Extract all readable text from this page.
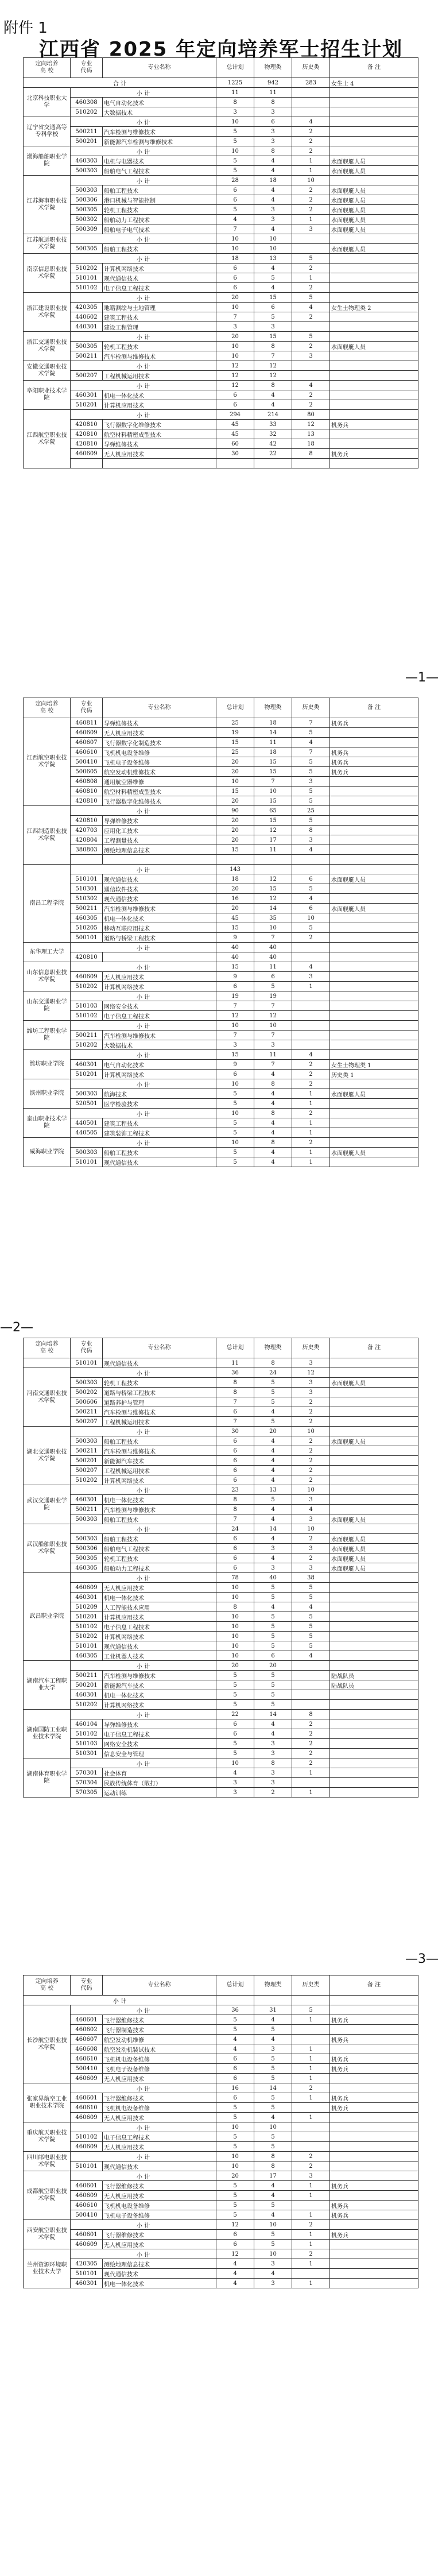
附件 1
江西省 2025 年定向培养军士招生计划
定向培养
高 校	专业
代码	专业名称	总计划	物理类	历史类	备 注
合 计			1225	942	283	女生士 4
北京科技职业大学	小 计		11	11		
	460308	电气自动化技术	8	8		
	510202	大数据技术	3	3		
辽宁省交通高等专科学校	小 计		10	6	4	
	500211	汽车检测与维修技术	5	3	2	
	500201	新能源汽车检测与维修技术	5	3	2	
渤海船舶职业学院	小 计		10	8	2	
	460303	电机与电器技术	5	4	1	水面舰艇人员
	500303	船舶电气工程技术	5	4	1	水面舰艇人员
江苏海事职业技术学院	小 计		28	18	10	
	500303	船舶工程技术	6	4	2	水面舰艇人员
	500306	港口机械与智能控制	6	4	2	水面舰艇人员
	500305	轮机工程技术	5	3	2	水面舰艇人员
	500302	船舶动力工程技术	4	3	1	水面舰艇人员
	500309	船舶电子电气技术	7	4	3	水面舰艇人员
江苏航运职业技术学院	小 计		10	10		
	500305	船舶工程技术	10	10		水面舰艇人员
南京信息职业技术学院	小 计		18	13	5	
	510202	计算机网络技术	6	4	2	
	510101	现代通信技术	6	5	1	
	510102	电子信息工程技术	6	4	2	
浙江建设职业技术学院	小 计		20	15	5	
	420305	地籍测绘与土地管理	10	6	4	女生士物理类 2
	440602	建筑工程技术	7	5	2	
	440301	建设工程管理	3	3		
浙江交通职业技术学院	小 计		20	15	5	
	500305	轮机工程技术	10	8	2	水面舰艇人员
	500211	汽车检测与维修技术	10	7	3	
安徽交通职业技术学院	小 计		12	12		
	500207	工程机械运用技术	12	12		
阜阳职业技术学院	小 计		12	8	4	
	460301	机电一体化技术	6	4	2	
	510201	计算机应用技术	6	4	2	
江西航空职业技术学院	小 计		294	214	80	
	420810	飞行器数字化维修技术	45	33	12	机务兵
	420810	航空材料精密成型技术	45	32	13	
	420810	导弹维修技术	60	42	18	
	460609	无人机应用技术	30	22	8	机务兵

—1—
定向培养
高 校	专业
代码	专业名称	总计划	物理类	历史类	备 注
江西航空职业技术学院	460811	导弹维修技术	25	18	7	机务兵
	460609	无人机应用技术	19	14	5	
	460607	飞行器数字化制造技术	15	11	4	
	460610	飞机机电设备维修	25	18	7	机务兵
	500410	飞机电子设备维修	20	15	5	机务兵
	500605	航空发动机维修技术	20	15	5	机务兵
	460808	通用航空器维修	10	7	3	
	460810	航空材料精密成型技术	15	10	5	
	420810	飞行器数字化维修技术	20	15	5	
江西制造职业技术学院	小 计		90	65	25	
	420810	导弹维修技术	20	15	5	
	420703	应用化工技术	20	12	8	
	420804	工程测量技术	20	17	3	
	380803	测绘地理信息技术	15	11	4	

南昌工程学院	小 计		143			
	510101	现代通信技术	18	12	6	水面舰艇人员
	510301	通信软件技术	20	15	5	
	510302	现代通信技术	16	12	4	
	500211	汽车检测与维修技术	20	14	6	水面舰艇人员
	460305	机电一体化技术	45	35	10	
	510205	移动互联应用技术	15	10	5	
	500101	道路与桥梁工程技术	9	7	2	
东华理工大学	小 计		40	40		
	420810		40	40		
山东信息职业技术学院	小 计		15	11	4	
	460609	无人机应用技术	9	6	3	
	510202	计算机网络技术	6	5	1	
山东交通职业学院	小 计		19	19		
	510103	网络安全技术	7	7		
	510102	电子信息工程技术	12	12		
潍坊工程职业学院	小 计		10	10		
	500211	汽车检测与维修技术	7	7		
	510202	大数据技术	3	3		
潍坊职业学院	小 计		15	11	4	
	460301	电气自动化技术	9	7	2	女生士物理类 1
	510201	计算机网络技术	6	4	2	历史类 1
滨州职业学院	小 计		10	8	2	
	500303	航海技术	5	4	1	水面舰艇人员
	520501	医学检验技术	5	4	1	
泰山职业技术学院	小 计		10	8	2	
	440501	建筑工程技术	5	4	1	
	440505	建筑装饰工程技术	5	4	1	
威海职业学院	小 计		10	8	2	
	500303	船舶工程技术	5	4	1	水面舰艇人员
	510101	现代通信技术	5	4	1	
—2—
定向培养
高 校	专业
代码	专业名称	总计划	物理类	历史类	备 注
	510101	现代通信技术	11	8	3	
河南交通职业技术学院	小 计		36	24	12	
	500303	轮机工程技术	8	5	3	水面舰艇人员
	500202	道路与桥梁工程技术	8	5	3	
	500606	道路养护与管理	7	5	2	
	500211	汽车检测与维修技术	6	4	2	
	500207	工程机械运用技术	7	5	2	
湖北交通职业技术学院	小 计		30	20	10	
	500303	船舶工程技术	6	4	2	水面舰艇人员
	500211	汽车检测与维修技术	6	4	2	
	500201	新能源汽车技术	6	4	2	
	500207	工程机械运用技术	6	4	2	
	510202	计算机网络技术	6	4	2	
武汉交通职业学院	小 计		23	13	10	
	460301	机电一体化技术	8	5	3	
	500211	汽车检测与维修技术	8	4	4	
	500303	船舶工程技术	7	4	3	水面舰艇人员
武汉船舶职业技术学院	小 计		24	14	10	
	500303	船舶工程技术	6	4	2	水面舰艇人员
	500306	船舶电气工程技术	6	3	3	水面舰艇人员
	500305	轮机工程技术	6	4	2	水面舰艇人员
	460305	船舶动力工程技术	6	3	3	水面舰艇人员
武昌职业学院	小 计		78	40	38	
	460609	无人机应用技术	10	5	5	
	460301	机电一体化技术	10	5	5	
	510209	人工智能技术应用	8	4	4	
	510201	计算机应用技术	10	5	5	
	510102	电子信息工程技术	10	5	5	
	510202	计算机网络技术	10	5	5	
	510101	现代通信技术	10	5	5	
	460305	工业机器人技术	10	6	4	
湖南汽车工程职业大学	小 计		20	20		
	500211	汽车检测与维修技术	5	5		陆战队员
	500201	新能源汽车技术	5	5		陆战队员
	460301	机电一体化技术	5	5		
	510202	计算机网络技术	5	5		
湖南国防工业职业技术学院	小 计		22	14	8	
	460104	导弹维修技术	6	4	2	
	510102	电子信息工程技术	6	4	2	
	510103	网络安全技术	5	3	2	
	510301	信息安全与管理	5	3	2	
湖南体育职业学院	小 计		10	8	2	
	570301	社会体育	4	3	1	
	570304	民族传统体育（散打）	3	3		
	570305	运动训练	3	2	1	
—3—
定向培养
高 校	专业
代码	专业名称	总计划	物理类	历史类	备 注
小 计						
长沙航空职业技术学院	小 计		36	31	5	
	460601	飞行器维修技术	5	4	1	机务兵
	460602	飞行器制造技术	5	5		
	460607	航空发动机维修	4	4		机务兵
	460608	航空发动机装试技术	4	3	1	
	460610	飞机机电设备维修	6	5	1	机务兵
	500410	飞机电子设备维修	6	5	1	机务兵
	460609	无人机应用技术	6	5	1	
张家界航空工业职业技术学院	小 计		16	14	2	
	460601	飞行器维修技术	6	5	1	机务兵
	460610	飞机机电设备维修	5	5		机务兵
	460609	无人机应用技术	5	4	1	
重庆航天职业技术学院	小 计		10	10		
	510102	电子信息工程技术	5	5		
	460609	无人机应用技术	5	5		
四川邮电职业技术学院	小 计		10	8	2	
	510101	现代通信技术	10	8	2	
成都航空职业技术学院	小 计		20	17	3	
	460601	飞行器维修技术	5	4	1	机务兵
	460609	无人机应用技术	5	4	1	
	460610	飞机机电设备维修	5	5		机务兵
	500410	飞机电子设备维修	5	4	1	机务兵
西安航空职业技术学院	小 计		12	10	2	
	460601	飞行器维修技术	6	5	1	机务兵
	460609	无人机应用技术	6	5	1	
兰州资源环境职业技术大学	小 计		12	10	2	
	420305	测绘地理信息技术	4	3	1	
	510101	现代通信技术	4	4		
	460301	机电一体化技术	4	3	1	
